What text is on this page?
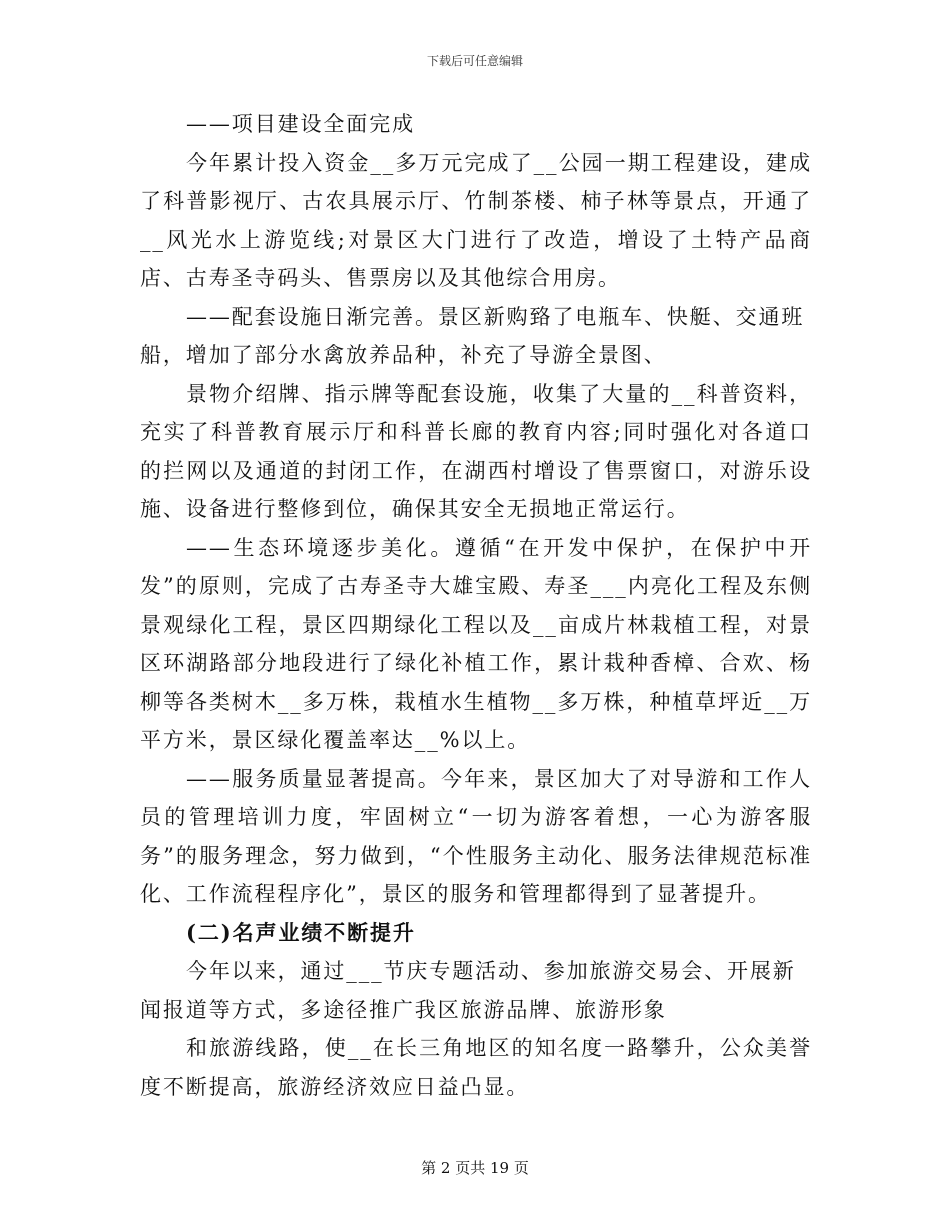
下载后可任意编辑

——项目建设全面完成

今年累计投入资金__多万元完成了__公园一期工程建设，建成了科普影视厅、古农具展示厅、竹制茶楼、柿子林等景点，开通了__风光水上游览线;对景区大门进行了改造，增设了土特产品商店、古寿圣寺码头、售票房以及其他综合用房。

——配套设施日渐完善。景区新购臵了电瓶车、快艇、交通班船，增加了部分水禽放养品种，补充了导游全景图、

景物介绍牌、指示牌等配套设施，收集了大量的__科普资料，充实了科普教育展示厅和科普长廊的教育内容;同时强化对各道口的拦网以及通道的封闭工作，在湖西村增设了售票窗口，对游乐设施、设备进行整修到位，确保其安全无损地正常运行。

——生态环境逐步美化。遵循“在开发中保护，在保护中开发”的原则，完成了古寿圣寺大雄宝殿、寿圣___内亮化工程及东侧景观绿化工程，景区四期绿化工程以及__亩成片林栽植工程，对景区环湖路部分地段进行了绿化补植工作，累计栽种香樟、合欢、杨柳等各类树木__多万株，栽植水生植物__多万株，种植草坪近__万平方米，景区绿化覆盖率达__%以上。

——服务质量显著提高。今年来，景区加大了对导游和工作人员的管理培训力度，牢固树立“一切为游客着想，一心为游客服务”的服务理念，努力做到，“个性服务主动化、服务法律规范标准化、工作流程程序化”，景区的服务和管理都得到了显著提升。

(二)名声业绩不断提升

今年以来，通过___节庆专题活动、参加旅游交易会、开展新闻报道等方式，多途径推广我区旅游品牌、旅游形象

和旅游线路，使__在长三角地区的知名度一路攀升，公众美誉度不断提高，旅游经济效应日益凸显。

第 2 页共 19 页
